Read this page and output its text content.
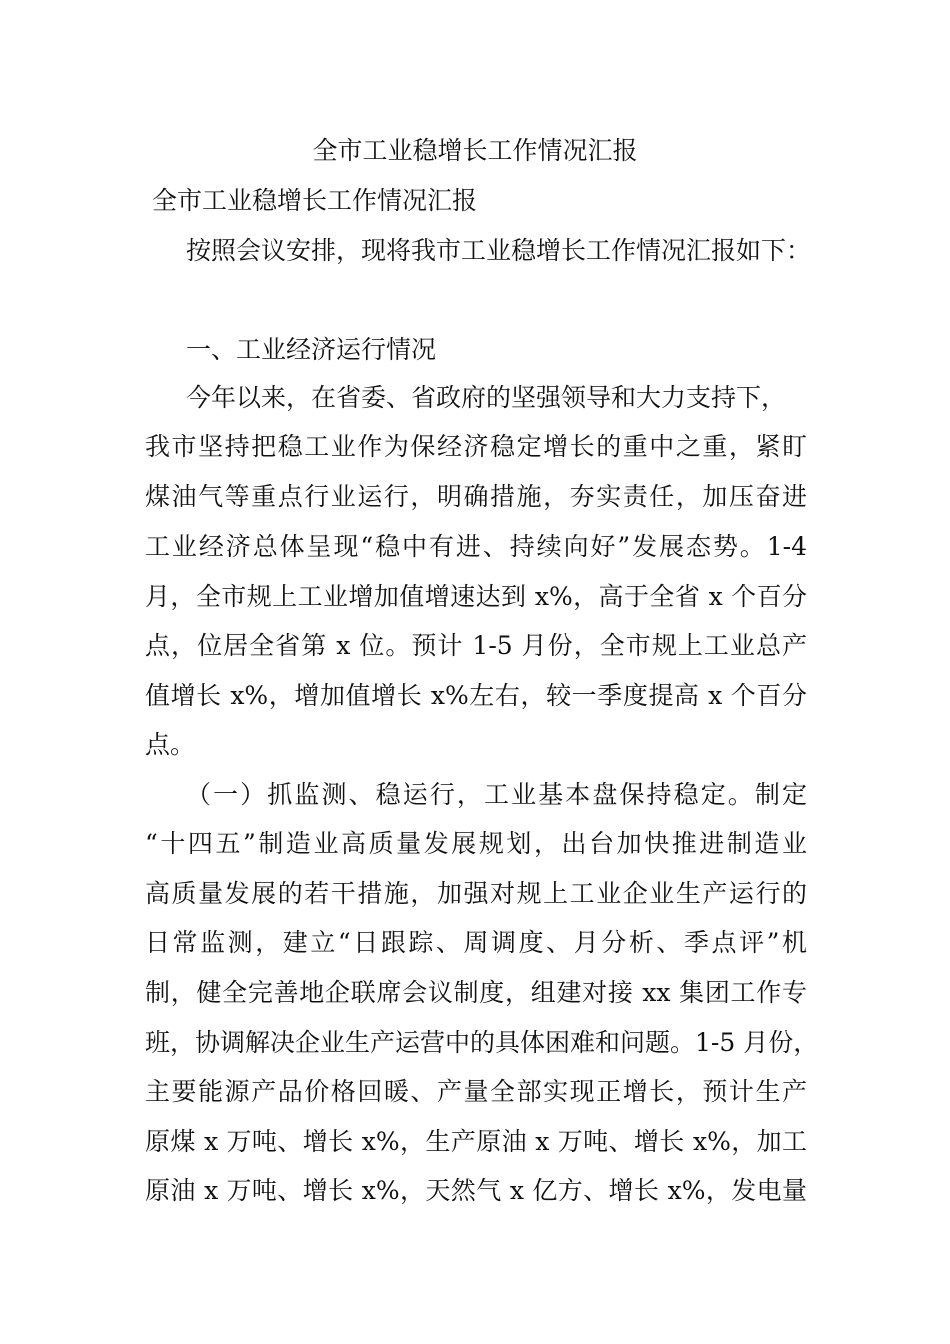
全市工业稳增长工作情况汇报
全市工业稳增长工作情况汇报
按照会议安排，现将我市工业稳增长工作情况汇报如下：
一、工业经济运行情况
今年以来，在省委、省政府的坚强领导和大力支持下，
我市坚持把稳工业作为保经济稳定增长的重中之重，紧盯
煤油气等重点行业运行，明确措施，夯实责任，加压奋进
工业经济总体呈现“稳中有进、持续向好”发展态势。1-4
月，全市规上工业增加值增速达到 x%，高于全省 x 个百分
点，位居全省第 x 位。预计 1-5 月份，全市规上工业总产
值增长 x%，增加值增长 x%左右，较一季度提高 x 个百分
点。
（一）抓监测、稳运行，工业基本盘保持稳定。制定
“十四五”制造业高质量发展规划，出台加快推进制造业
高质量发展的若干措施，加强对规上工业企业生产运行的
日常监测，建立“日跟踪、周调度、月分析、季点评”机
制，健全完善地企联席会议制度，组建对接 xx 集团工作专
班，协调解决企业生产运营中的具体困难和问题。1-5 月份，
主要能源产品价格回暖、产量全部实现正增长，预计生产
原煤 x 万吨、增长 x%，生产原油 x 万吨、增长 x%，加工
原油 x 万吨、增长 x%，天然气 x 亿方、增长 x%，发电量
